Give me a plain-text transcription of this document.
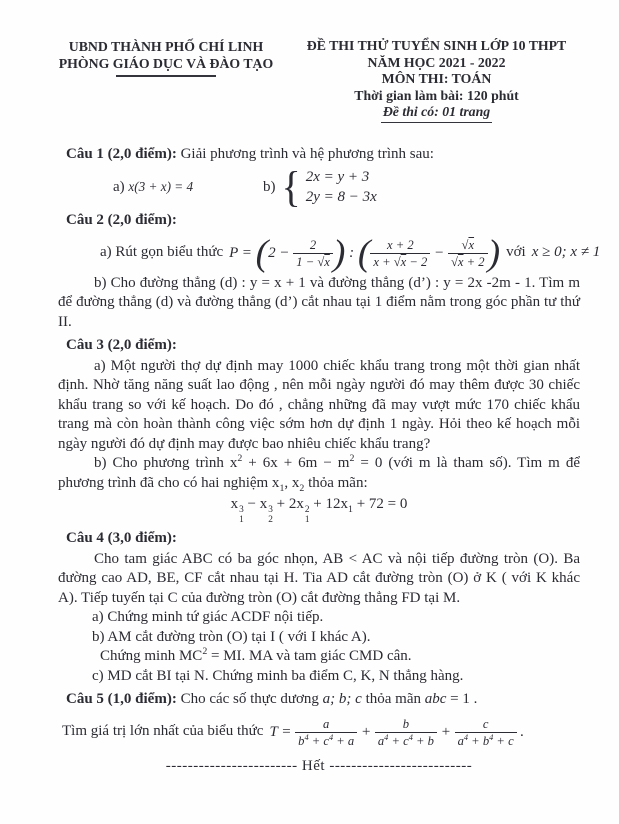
UBND THÀNH PHỐ CHÍ LINH
PHÒNG GIÁO DỤC VÀ ĐÀO TẠO
ĐỀ THI THỬ TUYỂN SINH LỚP 10 THPT
NĂM HỌC 2021 - 2022
MÔN THI: TOÁN
Thời gian làm bài: 120 phút
Đề thi có: 01 trang

Câu 1 (2,0 điểm): Giải phương trình và hệ phương trình sau:

a) x(3 + x) = 4	b) { 2x = y + 3
2y = 8 − 3x

Câu 2 (2,0 điểm):

a) Rút gọn biểu thức $P = (2 - \frac{2}{1 - √ \overline{x}}$ ) : ( $\frac{x + 2}{x + √ \overline{x} - 2}$ − √ $\overline{x}$
√ $\overline{x} + 2$ ) với x ≥ 0; x ≠ 1

b) Cho đường thẳng (d) : y = x + 1 và đường thẳng (d’) : y = 2x -2m - 1. Tìm m để đường thẳng (d) và đường thẳng (d’) cắt nhau tại 1 điểm nằm trong góc phần tư thứ II.

Câu 3 (2,0 điểm):

a) Một người thợ dự định may 1000 chiếc khẩu trang trong một thời gian nhất định. Nhờ tăng năng suất lao động , nên mỗi ngày người đó may thêm được 30 chiếc khẩu trang so với kế hoạch. Do đó , chẳng những đã may vượt mức 170 chiếc khẩu trang mà còn hoàn thành công việc sớm hơn dự định 1 ngày. Hỏi theo kế hoạch mỗi ngày người đó dự định may được bao nhiêu chiếc khẩu trang?

b) Cho phương trình $x^2 + 6x + 6m - m^2 = 0$ (với m là tham số). Tìm m để phương trình đã cho có hai nghiệm $x_1$, $x_2$ thỏa mãn:

x 3
1
− x 3
2
+ 2x 2
1
+ $12x_1 + 72 = 0$

Câu 4 (3,0 điểm):

Cho tam giác ABC có ba góc nhọn, AB < AC và nội tiếp đường tròn (O). Ba đường cao AD, BE, CF cắt nhau tại H. Tia AD cắt đường tròn (O) ở K ( với K khác A). Tiếp tuyến tại C của đường tròn (O) cắt đường thẳng FD tại M.

a) Chứng minh tứ giác ACDF nội tiếp.

b) AM cắt đường tròn (O) tại I ( với I khác A).

Chứng minh $MC^2$ = MI. MA và tam giác CMD cân.

c) MD cắt BI tại N. Chứng minh ba điểm C, K, N thẳng hàng.

Câu 5 (1,0 điểm): Cho các số thực dương a; b; c thỏa mãn abc = 1 .

Tìm giá trị lớn nhất của biểu thức $T = \frac{a}{b^4 + c^4 + a} + \frac{b}{a^4 + c^4 + b} + \frac{c}{a^4 + b^4 + c}$ .

------------------------ Hết --------------------------
